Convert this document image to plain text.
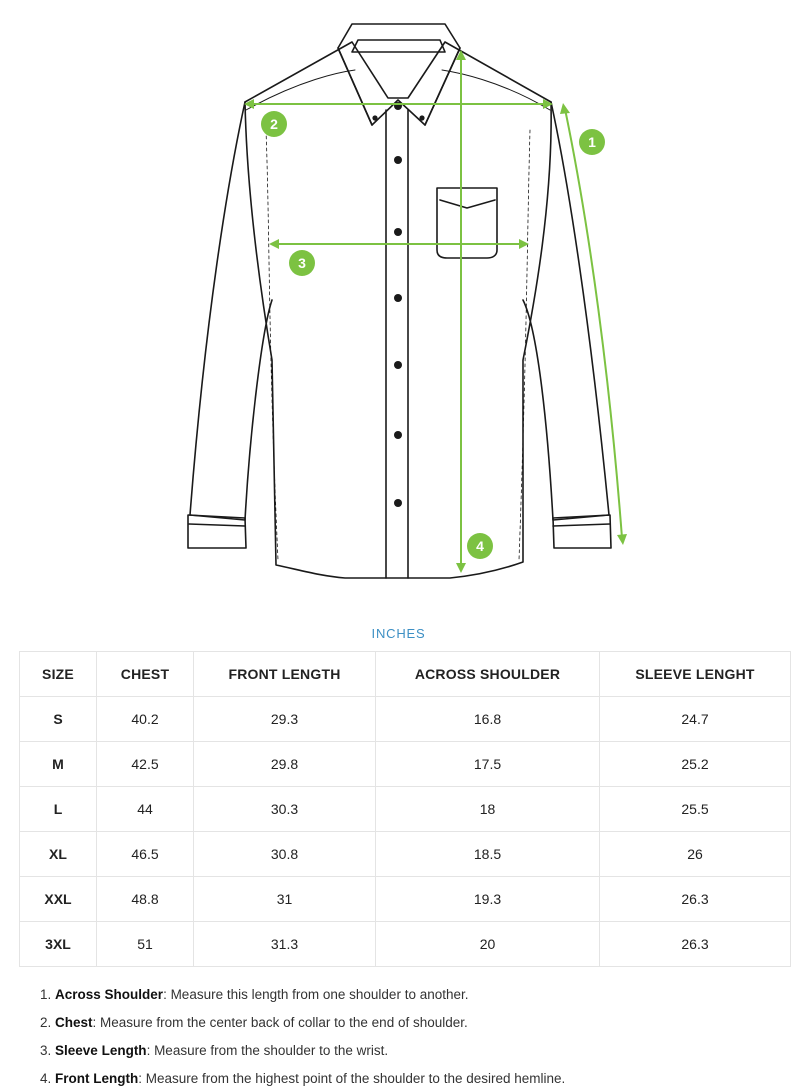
1
2
3
4
INCHES
SIZE	CHEST	FRONT LENGTH	ACROSS SHOULDER	SLEEVE LENGHT
S	40.2	29.3	16.8	24.7
M	42.5	29.8	17.5	25.2
L	44	30.3	18	25.5
XL	46.5	30.8	18.5	26
XXL	48.8	31	19.3	26.3
3XL	51	31.3	20	26.3
1. Across Shoulder: Measure this length from one shoulder to another.
2. Chest: Measure from the center back of collar to the end of shoulder.
3. Sleeve Length: Measure from the shoulder to the wrist.
4. Front Length: Measure from the highest point of the shoulder to the desired hemline.
